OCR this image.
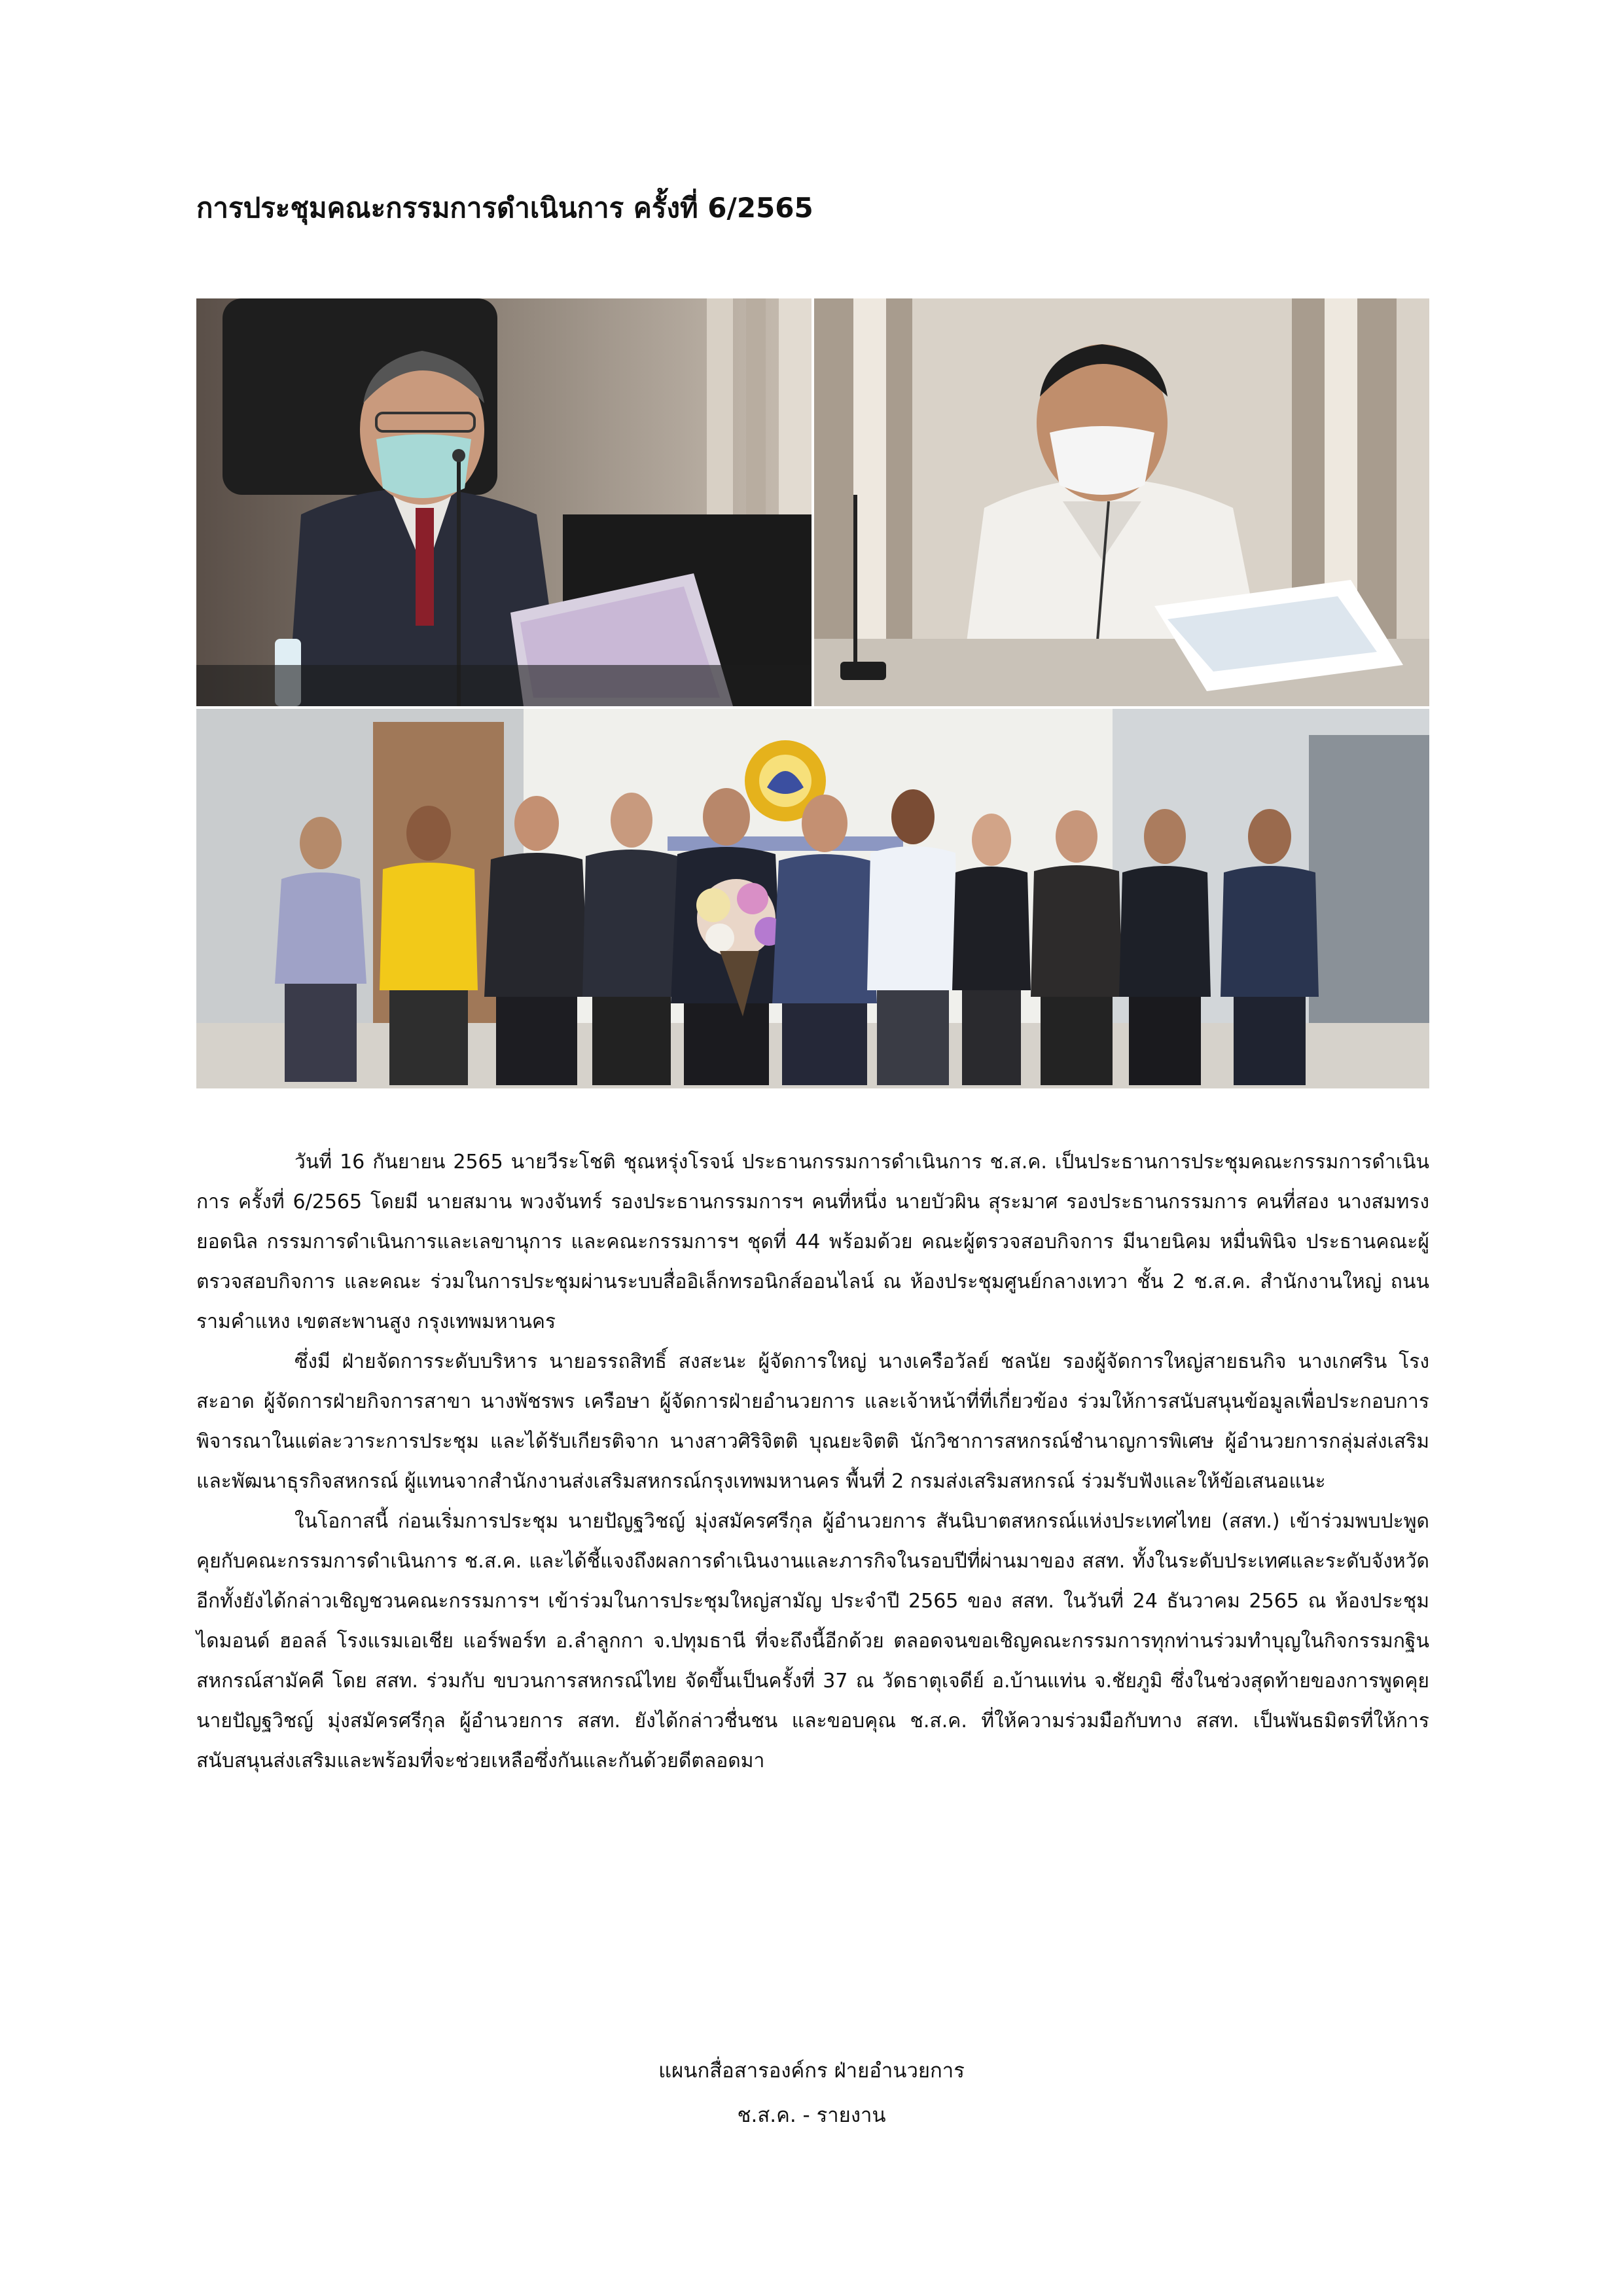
การประชุมคณะกรรมการดำเนินการ ครั้งที่ 6/2565

วันที่ 16 กันยายน 2565 นายวีระโชติ ชุณหรุ่งโรจน์ ประธานกรรมการดำเนินการ ช.ส.ค. เป็นประธานการประชุมคณะกรรมการดำเนินการ ครั้งที่ 6/2565 โดยมี นายสมาน พวงจันทร์ รองประธานกรรมการฯ คนที่หนึ่ง นายบัวผิน สุระมาศ รองประธานกรรมการ คนที่สอง นางสมทรง ยอดนิล กรรมการดำเนินการและเลขานุการ และคณะกรรมการฯ ชุดที่ 44 พร้อมด้วย คณะผู้ตรวจสอบกิจการ มีนายนิคม หมื่นพินิจ ประธานคณะผู้ตรวจสอบกิจการ และคณะ ร่วมในการประชุมผ่านระบบสื่ออิเล็กทรอนิกส์ออนไลน์ ณ ห้องประชุมศูนย์กลางเทวา ชั้น 2 ช.ส.ค. สำนักงานใหญ่ ถนนรามคำแหง เขตสะพานสูง กรุงเทพมหานคร

ซึ่งมี ฝ่ายจัดการระดับบริหาร นายอรรถสิทธิ์ สงสะนะ ผู้จัดการใหญ่ นางเครือวัลย์ ชลนัย รองผู้จัดการใหญ่สายธนกิจ นางเกศริน โรงสะอาด ผู้จัดการฝ่ายกิจการสาขา นางพัชรพร เครือษา ผู้จัดการฝ่ายอำนวยการ และเจ้าหน้าที่ที่เกี่ยวข้อง ร่วมให้การสนับสนุนข้อมูลเพื่อประกอบการพิจารณาในแต่ละวาระการประชุม และได้รับเกียรติจาก นางสาวศิริจิตติ บุณยะจิตติ นักวิชาการสหกรณ์ชำนาญการพิเศษ ผู้อำนวยการกลุ่มส่งเสริมและพัฒนาธุรกิจสหกรณ์ ผู้แทนจากสำนักงานส่งเสริมสหกรณ์กรุงเทพมหานคร พื้นที่ 2 กรมส่งเสริมสหกรณ์ ร่วมรับฟังและให้ข้อเสนอแนะ

ในโอกาสนี้ ก่อนเริ่มการประชุม นายปัญฐวิชญ์ มุ่งสมัครศรีกุล ผู้อำนวยการ สันนิบาตสหกรณ์แห่งประเทศไทย (สสท.) เข้าร่วมพบปะพูดคุยกับคณะกรรมการดำเนินการ ช.ส.ค. และได้ชี้แจงถึงผลการดำเนินงานและภารกิจในรอบปีที่ผ่านมาของ สสท. ทั้งในระดับประเทศและระดับจังหวัด อีกทั้งยังได้กล่าวเชิญชวนคณะกรรมการฯ เข้าร่วมในการประชุมใหญ่สามัญ ประจำปี 2565 ของ สสท. ในวันที่ 24 ธันวาคม 2565 ณ ห้องประชุมไดมอนด์ ฮอลล์ โรงแรมเอเชีย แอร์พอร์ท อ.ลำลูกกา จ.ปทุมธานี ที่จะถึงนี้อีกด้วย ตลอดจนขอเชิญคณะกรรมการทุกท่านร่วมทำบุญในกิจกรรมกฐินสหกรณ์สามัคคี โดย สสท. ร่วมกับ ขบวนการสหกรณ์ไทย จัดขึ้นเป็นครั้งที่ 37 ณ วัดธาตุเจดีย์ อ.บ้านแท่น จ.ชัยภูมิ ซึ่งในช่วงสุดท้ายของการพูดคุย นายปัญฐวิชญ์ มุ่งสมัครศรีกุล ผู้อำนวยการ สสท. ยังได้กล่าวชื่นชน และขอบคุณ ช.ส.ค. ที่ให้ความร่วมมือกับทาง สสท. เป็นพันธมิตรที่ให้การสนับสนุนส่งเสริมและพร้อมที่จะช่วยเหลือซึ่งกันและกันด้วยดีตลอดมา

แผนกสื่อสารองค์กร ฝ่ายอำนวยการ
ช.ส.ค. - รายงาน
